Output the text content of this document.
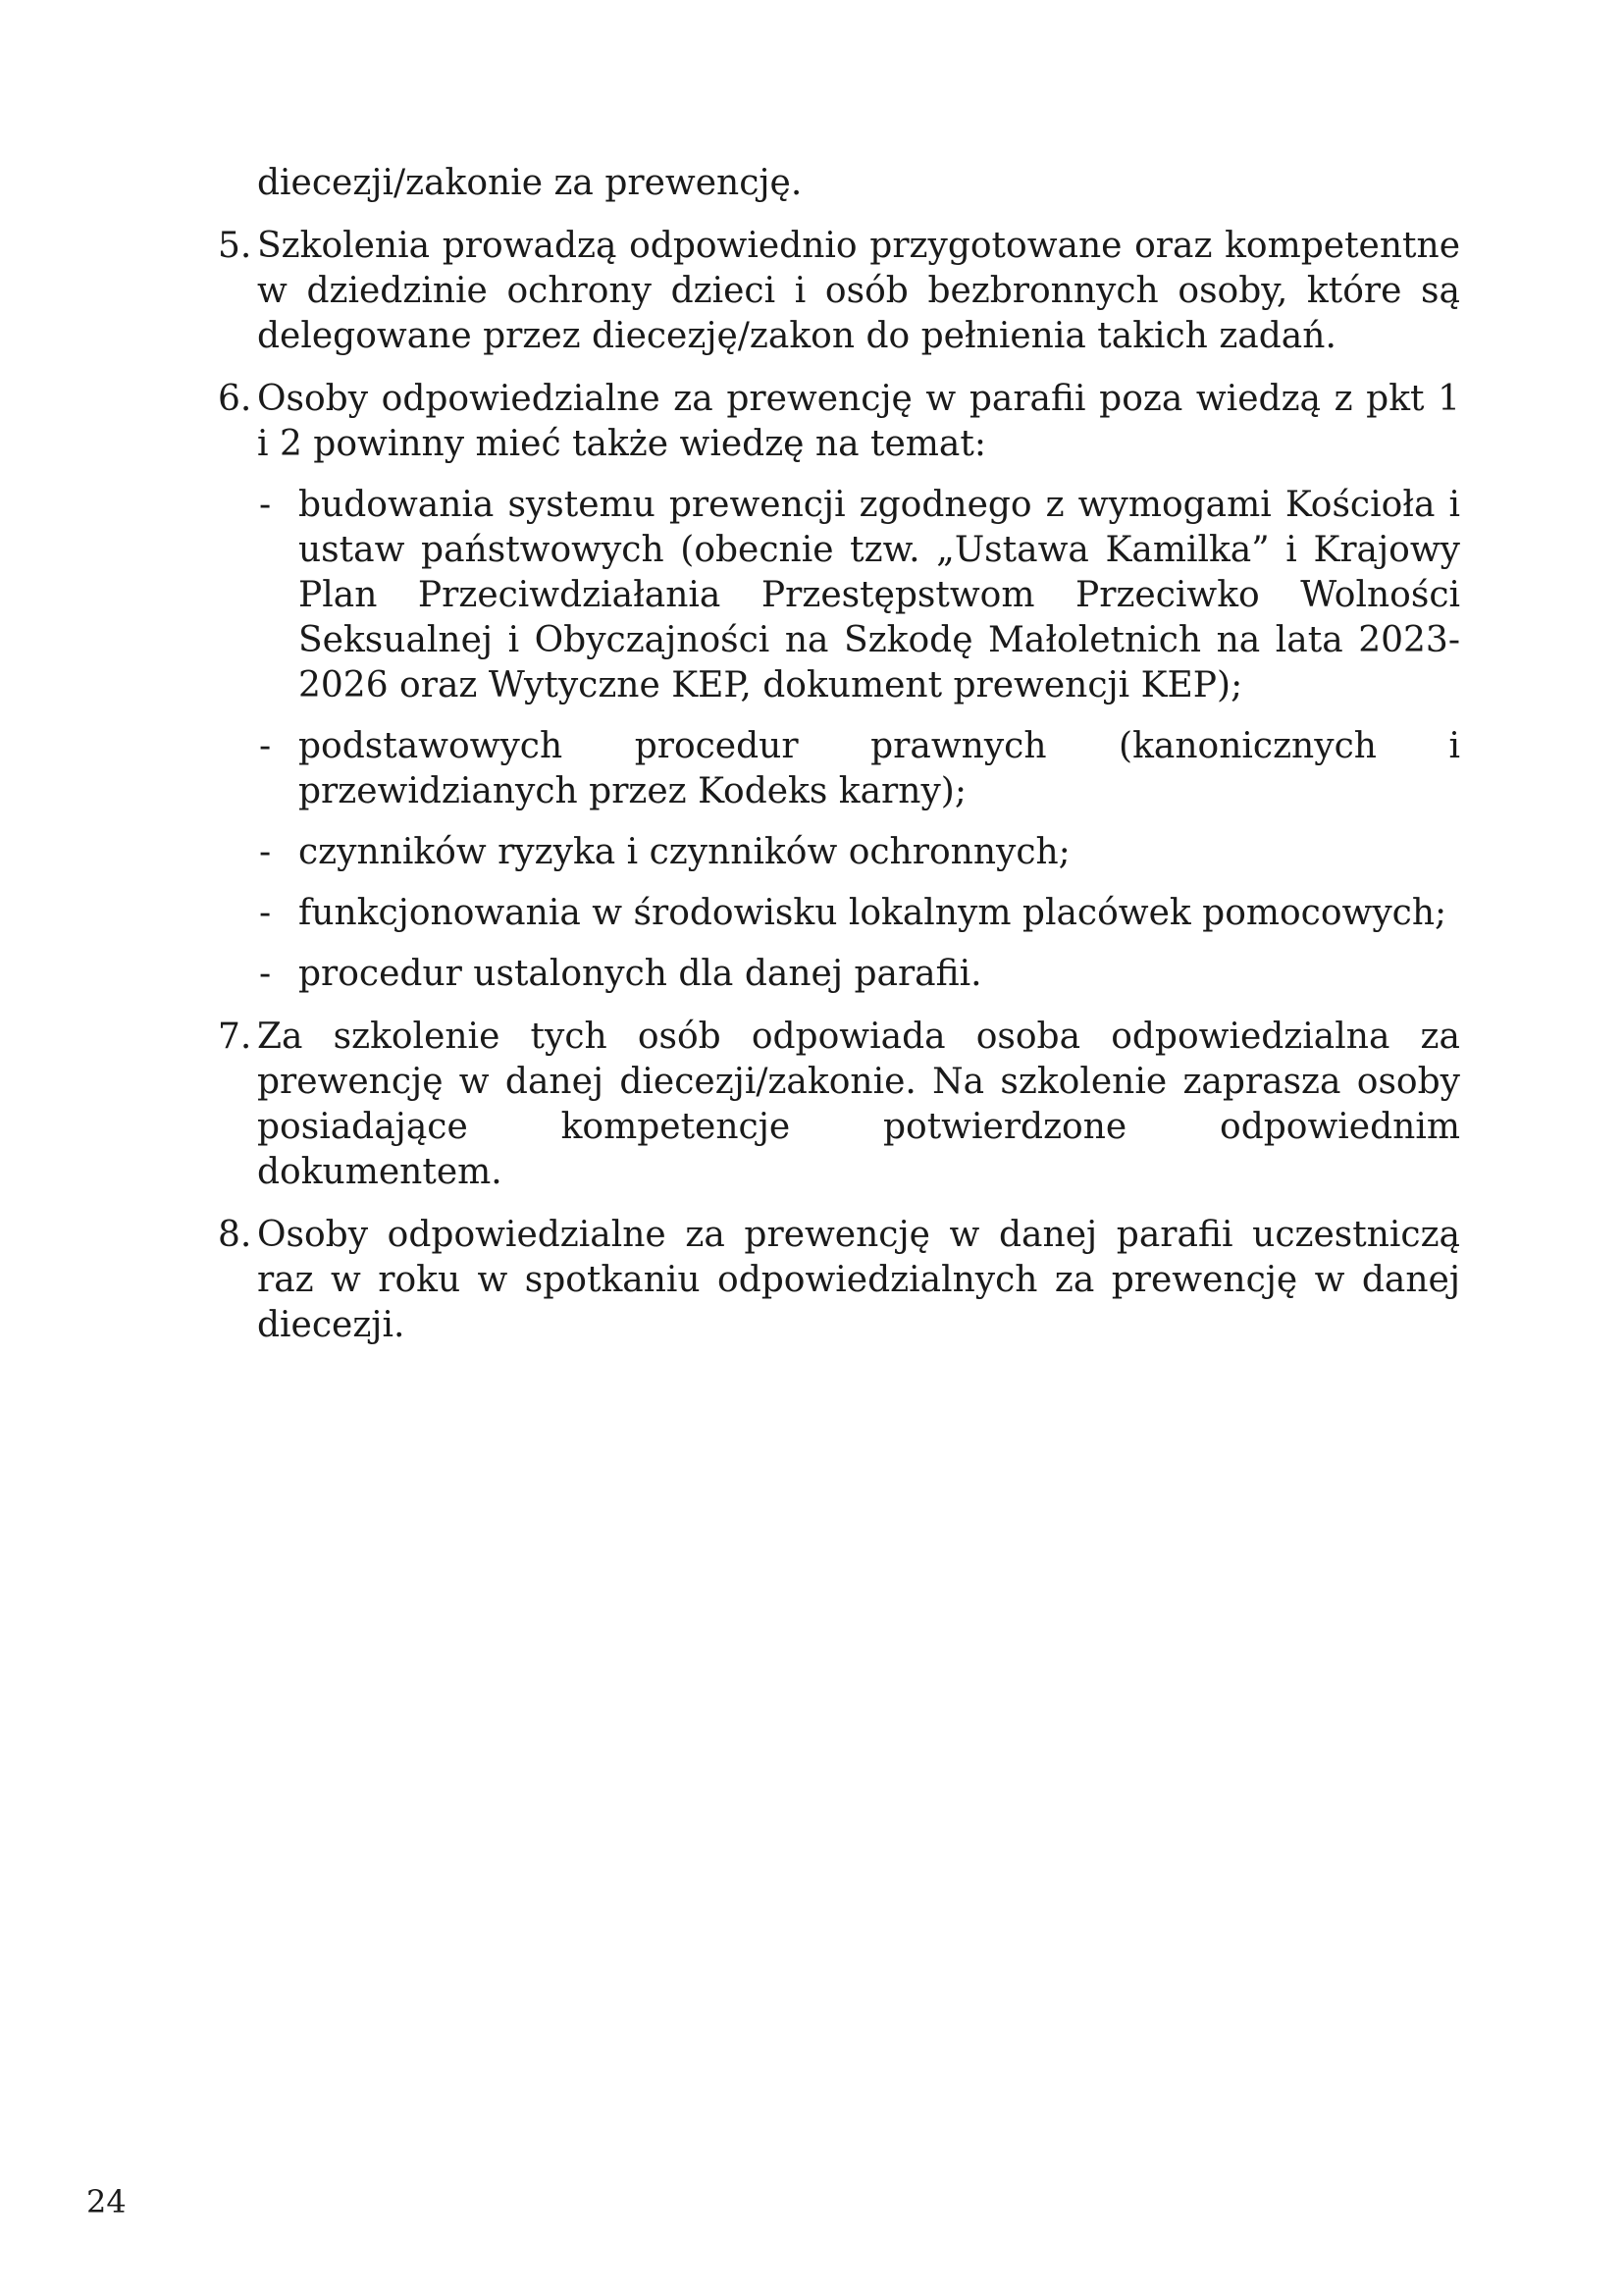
diecezji/zakonie za prewencję.

5. Szkolenia prowadzą odpowiednio przygotowane oraz kompetentne w dziedzinie ochrony dzieci i osób bezbronnych osoby, które są delegowane przez diecezję/zakon do pełnienia takich zadań.
6. Osoby odpowiedzialne za prewencję w parafii poza wiedzą z pkt 1 i 2 powinny mieć także wiedzę na temat:
- budowania systemu prewencji zgodnego z wymogami Kościoła i ustaw państwowych (obecnie tzw. „Ustawa Kamilka” i Krajowy Plan Przeciwdziałania Przestępstwom Przeciwko Wolności Seksualnej i Obyczajności na Szkodę Małoletnich na lata 2023-2026 oraz Wytyczne KEP, dokument prewencji KEP);
- podstawowych procedur prawnych (kanonicznych i przewidzianych przez Kodeks karny);
- czynników ryzyka i czynników ochronnych;
- funkcjonowania w środowisku lokalnym placówek pomocowych;
- procedur ustalonych dla danej parafii.
7. Za szkolenie tych osób odpowiada osoba odpowiedzialna za prewencję w danej diecezji/zakonie. Na szkolenie zaprasza osoby posiadające kompetencje potwierdzone odpowiednim dokumentem.
8. Osoby odpowiedzialne za prewencję w danej parafii uczestniczą raz w roku w spotkaniu odpowiedzialnych za prewencję w danej diecezji.
24
